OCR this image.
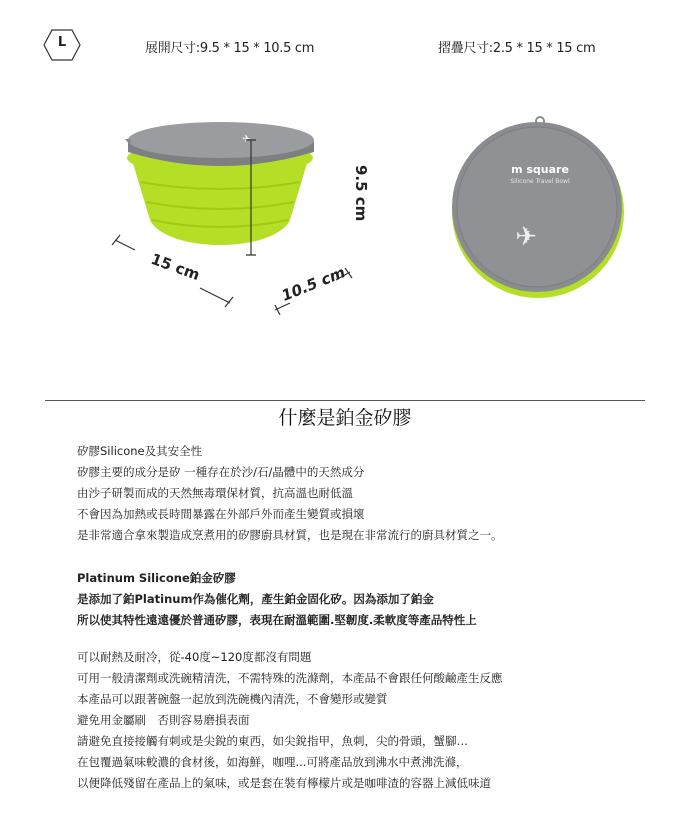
L	展開尺寸:9.5 * 15 * 10.5 cm	摺疊尺寸:2.5 * 15 * 15 cm
✈
9.5 cm
15 cm	10.5 cm
✈
m square
Silicone Travel Bowl
什麼是鉑金矽膠
矽膠Silicone及其安全性
矽膠主要的成分是矽 一種存在於沙/石/晶體中的天然成分
由沙子研製而成的天然無毒環保材質，抗高溫也耐低溫
不會因為加熱或長時間暴露在外部戶外而產生變質或損壞
是非常適合拿來製造成烹煮用的矽膠廚具材質，也是現在非常流行的廚具材質之一。
Platinum Silicone鉑金矽膠
是添加了鉑Platinum作為催化劑，產生鉑金固化矽。因為添加了鉑金
所以使其特性遠遠優於普通矽膠，表現在耐溫範圍.堅韌度.柔軟度等產品特性上
可以耐熱及耐冷，從-40度~120度都沒有問題
可用一般清潔劑或洗碗精清洗，不需特殊的洗滌劑，本產品不會跟任何酸鹼產生反應
本產品可以跟著碗盤一起放到洗碗機內清洗，不會變形或變質
避免用金屬刷　否則容易磨損表面
請避免直接接觸有刺或是尖銳的東西，如尖銳指甲，魚刺，尖的骨頭，蟹腳…
在包覆過氣味較濃的食材後，如海鮮，咖哩...可將產品放到沸水中煮沸洗滌，
以便降低殘留在產品上的氣味，或是套在裝有檸檬片或是咖啡渣的容器上減低味道
